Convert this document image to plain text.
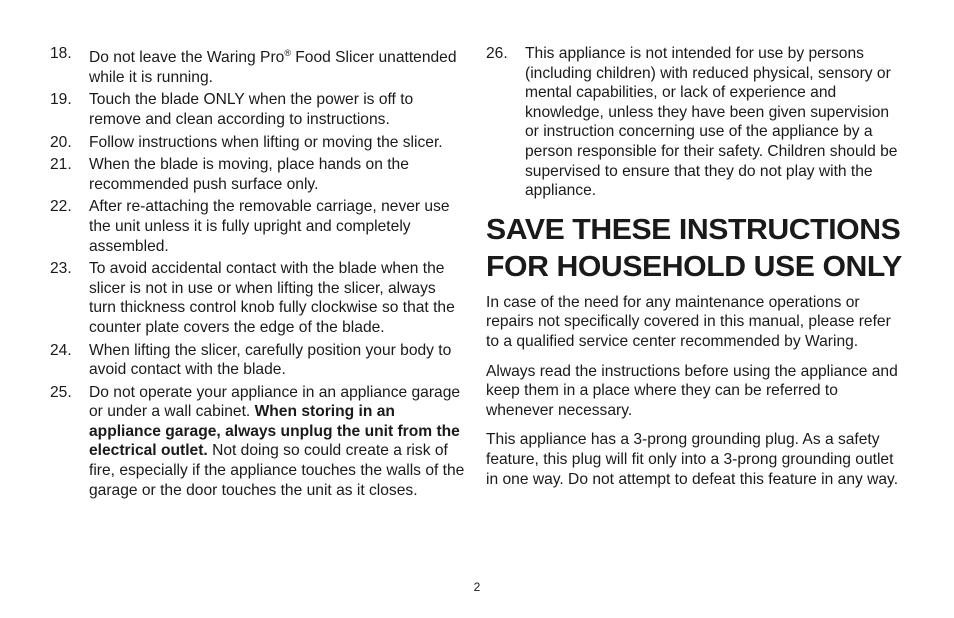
18.	Do not leave the Waring Pro® Food Slicer unattended while it is running.
19.	Touch the blade ONLY when the power is off to remove and clean according to instructions.
20.	Follow instructions when lifting or moving the slicer.
21.	When the blade is moving, place hands on the recommended push surface only.
22.	After re-attaching the removable carriage, never use the unit unless it is fully upright and completely assembled.
23.	To avoid accidental contact with the blade when the slicer is not in use or when lifting the slicer, always turn thickness control knob fully clockwise so that the counter plate covers the edge of the blade.
24.	When lifting the slicer, carefully position your body to avoid contact with the blade.
25.	Do not operate your appliance in an appliance garage or under a wall cabinet. When storing in an appliance garage, always unplug the unit from the electrical outlet. Not doing so could create a risk of fire, especially if the appliance touches the walls of the garage or the door touches the unit as it closes.
26.	This appliance is not intended for use by persons (including children) with reduced physical, sensory or mental capabilities, or lack of experience and knowledge, unless they have been given supervision or instruction concerning use of the appliance by a person responsible for their safety. Children should be supervised to ensure that they do not play with the appliance.
SAVE THESE INSTRUCTIONS
FOR HOUSEHOLD USE ONLY

In case of the need for any maintenance operations or repairs not specifically covered in this manual, please refer to a qualified service center recommended by Waring.

Always read the instructions before using the appliance and keep them in a place where they can be referred to whenever necessary.

This appliance has a 3-prong grounding plug. As a safety feature, this plug will fit only into a 3-prong grounding outlet in one way. Do not attempt to defeat this feature in any way.

2
